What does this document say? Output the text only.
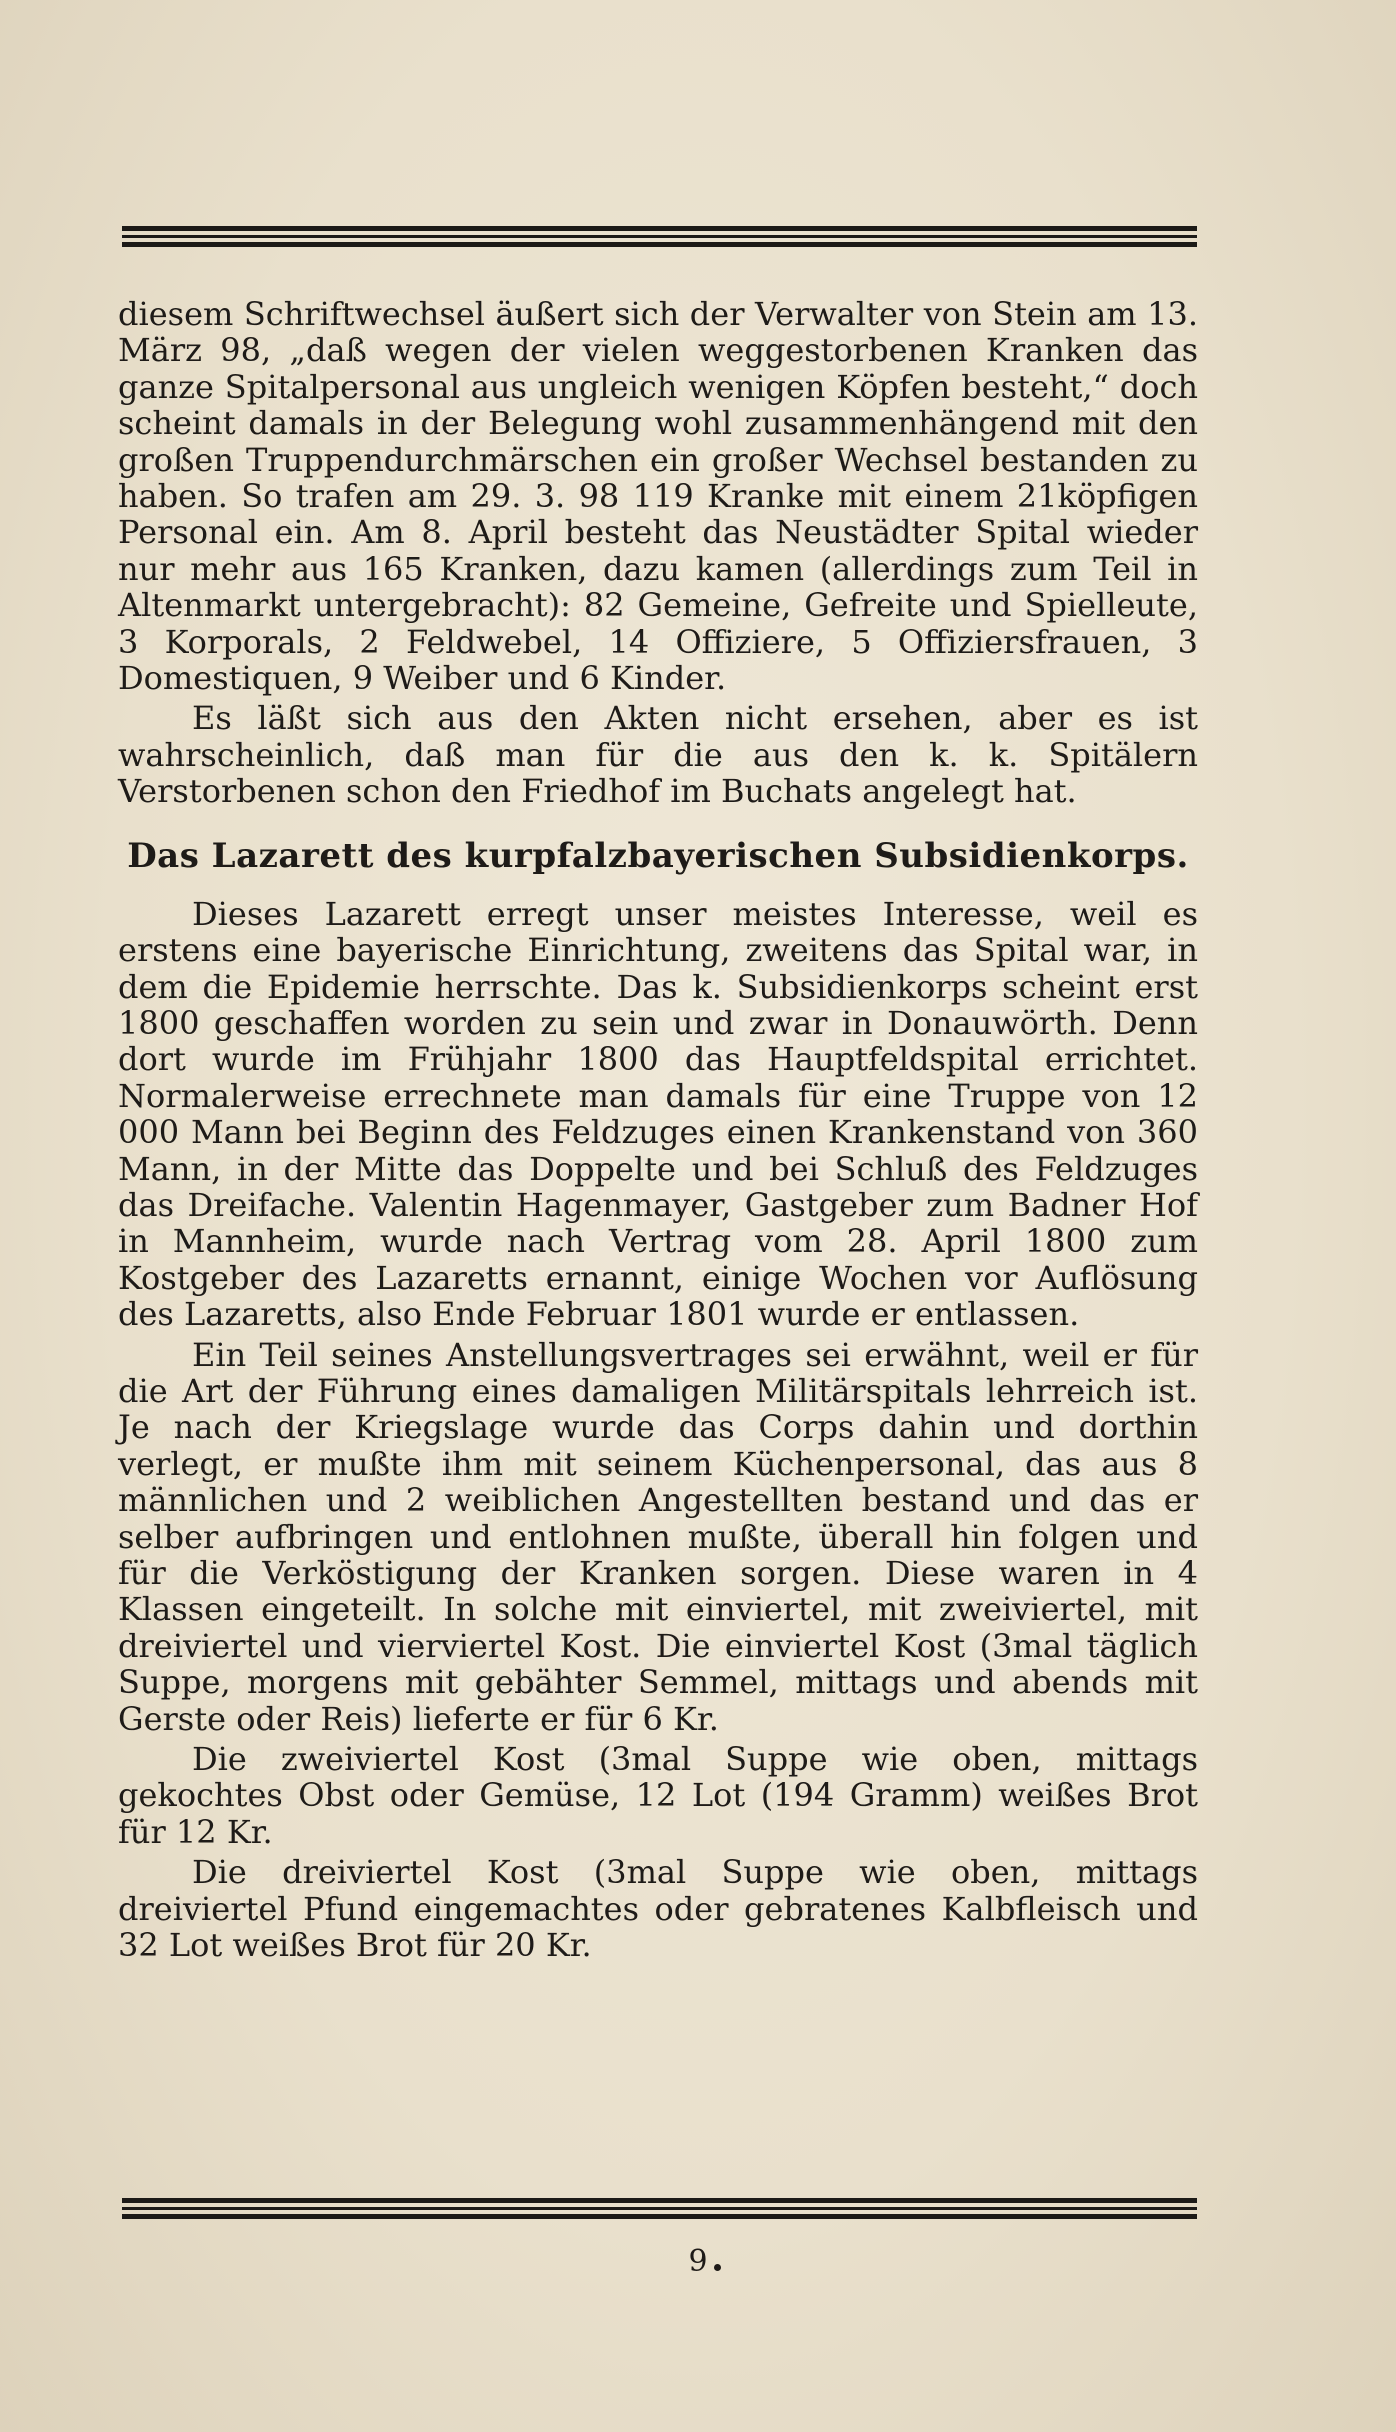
diesem Schriftwechsel äußert sich der Verwalter von Stein am 13. März 98, „daß wegen der vielen weggestorbenen Kranken das ganze Spitalpersonal aus ungleich wenigen Köpfen besteht,“ doch scheint damals in der Belegung wohl zusammenhängend mit den großen Truppendurchmärschen ein großer Wechsel bestanden zu haben. So trafen am 29. 3. 98 119 Kranke mit einem 21köpfigen Personal ein. Am 8. April besteht das Neustädter Spital wieder nur mehr aus 165 Kranken, dazu kamen (allerdings zum Teil in Altenmarkt untergebracht): 82 Gemeine, Gefreite und Spielleute, 3 Korporals, 2 Feldwebel, 14 Offiziere, 5 Offiziersfrauen, 3 Domestiquen, 9 Weiber und 6 Kinder.

Es läßt sich aus den Akten nicht ersehen, aber es ist wahrscheinlich, daß man für die aus den k. k. Spitälern Verstorbenen schon den Friedhof im Buchats angelegt hat.

Das Lazarett des kurpfalzbayerischen Subsidienkorps.

Dieses Lazarett erregt unser meistes Interesse, weil es erstens eine bayerische Einrichtung, zweitens das Spital war, in dem die Epidemie herrschte. Das k. Subsidienkorps scheint erst 1800 geschaffen worden zu sein und zwar in Donauwörth. Denn dort wurde im Frühjahr 1800 das Hauptfeldspital errichtet. Normalerweise errechnete man damals für eine Truppe von 12 000 Mann bei Beginn des Feldzuges einen Krankenstand von 360 Mann, in der Mitte das Doppelte und bei Schluß des Feldzuges das Dreifache. Valentin Hagenmayer, Gastgeber zum Badner Hof in Mannheim, wurde nach Vertrag vom 28. April 1800 zum Kostgeber des Lazaretts ernannt, einige Wochen vor Auflösung des Lazaretts, also Ende Februar 1801 wurde er entlassen.

Ein Teil seines Anstellungsvertrages sei erwähnt, weil er für die Art der Führung eines damaligen Militärspitals lehrreich ist. Je nach der Kriegslage wurde das Corps dahin und dorthin verlegt, er mußte ihm mit seinem Küchenpersonal, das aus 8 männlichen und 2 weiblichen Angestellten bestand und das er selber aufbringen und entlohnen mußte, überall hin folgen und für die Verköstigung der Kranken sorgen. Diese waren in 4 Klassen eingeteilt. In solche mit einviertel, mit zweiviertel, mit dreiviertel und vierviertel Kost. Die einviertel Kost (3mal täglich Suppe, morgens mit gebähter Semmel, mittags und abends mit Gerste oder Reis) lieferte er für 6 Kr.

Die zweiviertel Kost (3mal Suppe wie oben, mittags gekochtes Obst oder Gemüse, 12 Lot (194 Gramm) weißes Brot für 12 Kr.

Die dreiviertel Kost (3mal Suppe wie oben, mittags dreiviertel Pfund eingemachtes oder gebratenes Kalbfleisch und 32 Lot weißes Brot für 20 Kr.

9
